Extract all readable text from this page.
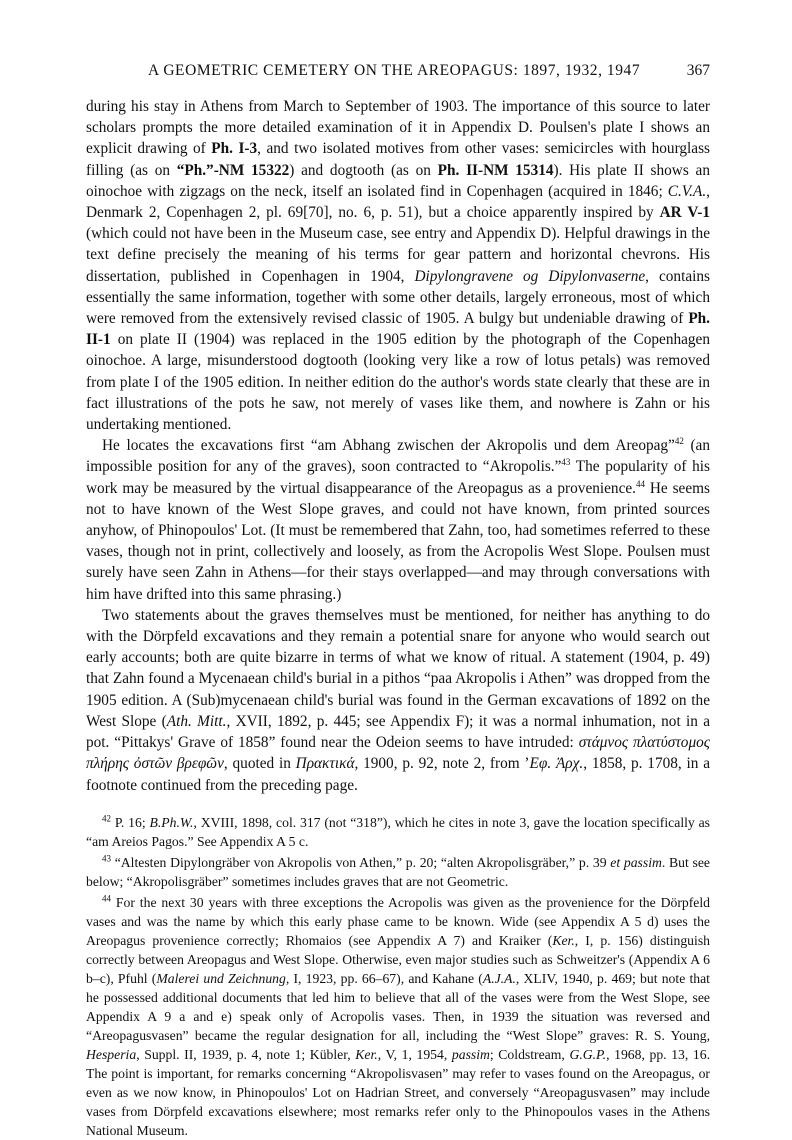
A GEOMETRIC CEMETERY ON THE AREOPAGUS: 1897, 1932, 1947	367

during his stay in Athens from March to September of 1903. The importance of this source to later scholars prompts the more detailed examination of it in Appendix D. Poulsen's plate I shows an explicit drawing of Ph. I-3, and two isolated motives from other vases: semicircles with hourglass filling (as on “Ph.”-NM 15322) and dogtooth (as on Ph. II-NM 15314). His plate II shows an oinochoe with zigzags on the neck, itself an isolated find in Copenhagen (acquired in 1846; C.V.A., Denmark 2, Copenhagen 2, pl. 69[70], no. 6, p. 51), but a choice apparently inspired by AR V-1 (which could not have been in the Museum case, see entry and Appendix D). Helpful drawings in the text define precisely the meaning of his terms for gear pattern and horizontal chevrons. His dissertation, published in Copenhagen in 1904, Dipylongravene og Dipylonvaserne, contains essentially the same information, together with some other details, largely erroneous, most of which were removed from the extensively revised classic of 1905. A bulgy but undeniable drawing of Ph. II-1 on plate II (1904) was replaced in the 1905 edition by the photograph of the Copenhagen oinochoe. A large, misunderstood dogtooth (looking very like a row of lotus petals) was removed from plate I of the 1905 edition. In neither edition do the author's words state clearly that these are in fact illustrations of the pots he saw, not merely of vases like them, and nowhere is Zahn or his undertaking mentioned.

He locates the excavations first “am Abhang zwischen der Akropolis und dem Areopag”$^{42}$ (an impossible position for any of the graves), soon contracted to “Akropolis.”$^{43}$ The popularity of his work may be measured by the virtual disappearance of the Areopagus as a provenience.$^{44}$ He seems not to have known of the West Slope graves, and could not have known, from printed sources anyhow, of Phinopoulos' Lot. (It must be remembered that Zahn, too, had sometimes referred to these vases, though not in print, collectively and loosely, as from the Acropolis West Slope. Poulsen must surely have seen Zahn in Athens—for their stays overlapped—and may through conversations with him have drifted into this same phrasing.)

Two statements about the graves themselves must be mentioned, for neither has anything to do with the Dörpfeld excavations and they remain a potential snare for anyone who would search out early accounts; both are quite bizarre in terms of what we know of ritual. A statement (1904, p. 49) that Zahn found a Mycenaean child's burial in a pithos “paa Akropolis i Athen” was dropped from the 1905 edition. A (Sub)mycenaean child's burial was found in the German excavations of 1892 on the West Slope (Ath. Mitt., XVII, 1892, p. 445; see Appendix F); it was a normal inhumation, not in a pot. “Pittakys' Grave of 1858” found near the Odeion seems to have intruded: στάμνος πλατύστομος πλήρης ὀστῶν βρεφῶν, quoted in Πρακτικά, 1900, p. 92, note 2, from ’Εφ. Ἀρχ., 1858, p. 1708, in a footnote continued from the preceding page.

$^{42}$ P. 16; B.Ph.W., XVIII, 1898, col. 317 (not “318”), which he cites in note 3, gave the location specifically as “am Areios Pagos.” See Appendix A 5 c.

$^{43}$ “Altesten Dipylongräber von Akropolis von Athen,” p. 20; “alten Akropolisgräber,” p. 39 et passim. But see below; “Akropolisgräber” sometimes includes graves that are not Geometric.

$^{44}$ For the next 30 years with three exceptions the Acropolis was given as the provenience for the Dörpfeld vases and was the name by which this early phase came to be known. Wide (see Appendix A 5 d) uses the Areopagus provenience correctly; Rhomaios (see Appendix A 7) and Kraiker (Ker., I, p. 156) distinguish correctly between Areopagus and West Slope. Otherwise, even major studies such as Schweitzer's (Appendix A 6 b–c), Pfuhl (Malerei und Zeichnung, I, 1923, pp. 66–67), and Kahane (A.J.A., XLIV, 1940, p. 469; but note that he possessed additional documents that led him to believe that all of the vases were from the West Slope, see Appendix A 9 a and e) speak only of Acropolis vases. Then, in 1939 the situation was reversed and “Areopagusvasen” became the regular designation for all, including the “West Slope” graves: R. S. Young, Hesperia, Suppl. II, 1939, p. 4, note 1; Kübler, Ker., V, 1, 1954, passim; Coldstream, G.G.P., 1968, pp. 13, 16. The point is important, for remarks concerning “Akropolisvasen” may refer to vases found on the Areopagus, or even as we now know, in Phinopoulos' Lot on Hadrian Street, and conversely “Areopagusvasen” may include vases from Dörpfeld excavations elsewhere; most remarks refer only to the Phinopoulos vases in the Athens National Museum.
